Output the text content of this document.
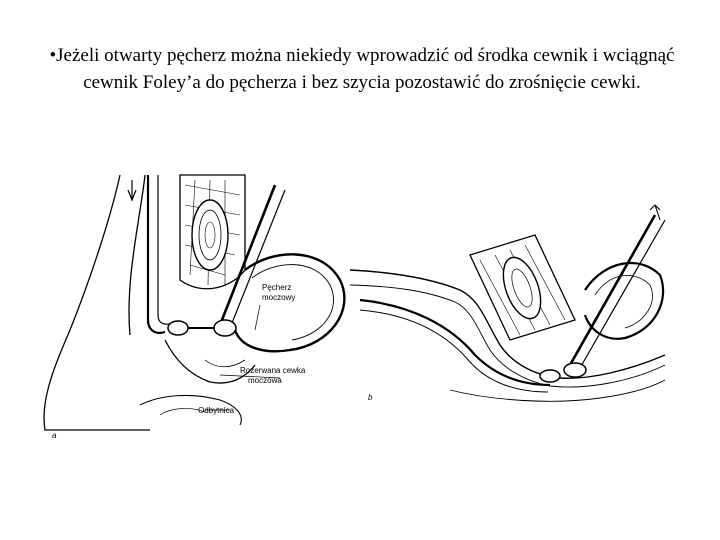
•Jeżeli otwarty pęcherz można niekiedy wprowadzić od środka cewnik i wciągnąć
cewnik Foley’a do pęcherza i bez szycia pozostawić do zrośnięcie cewki.
Pęcherz
moczowy
Rozerwana cewka
moczowa
Odbytnica
a
b
